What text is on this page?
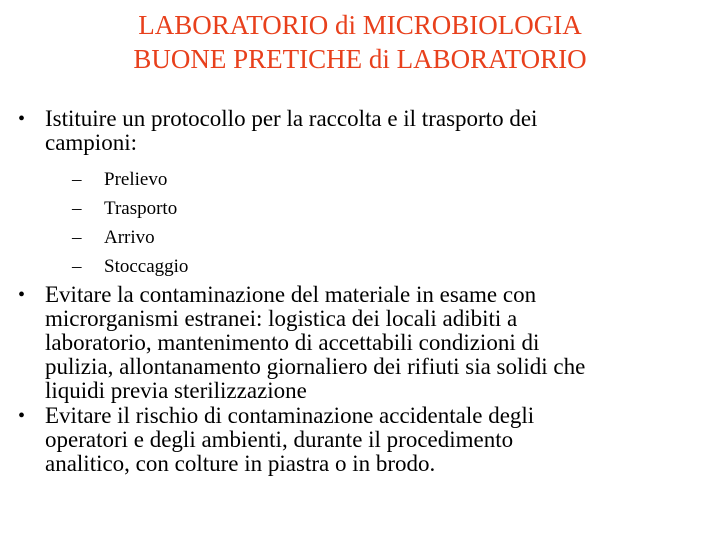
LABORATORIO di MICROBIOLOGIA
BUONE PRETICHE di LABORATORIO
• Istituire un protocollo per la raccolta e il trasporto dei
campioni:
– Prelievo
– Trasporto
– Arrivo
– Stoccaggio
• Evitare la contaminazione del materiale in esame con
microrganismi estranei: logistica dei locali adibiti a
laboratorio, mantenimento di accettabili condizioni di
pulizia, allontanamento giornaliero dei rifiuti sia solidi che
liquidi previa sterilizzazione
• Evitare il rischio di contaminazione accidentale degli
operatori e degli ambienti, durante il procedimento
analitico, con colture in piastra o in brodo.
